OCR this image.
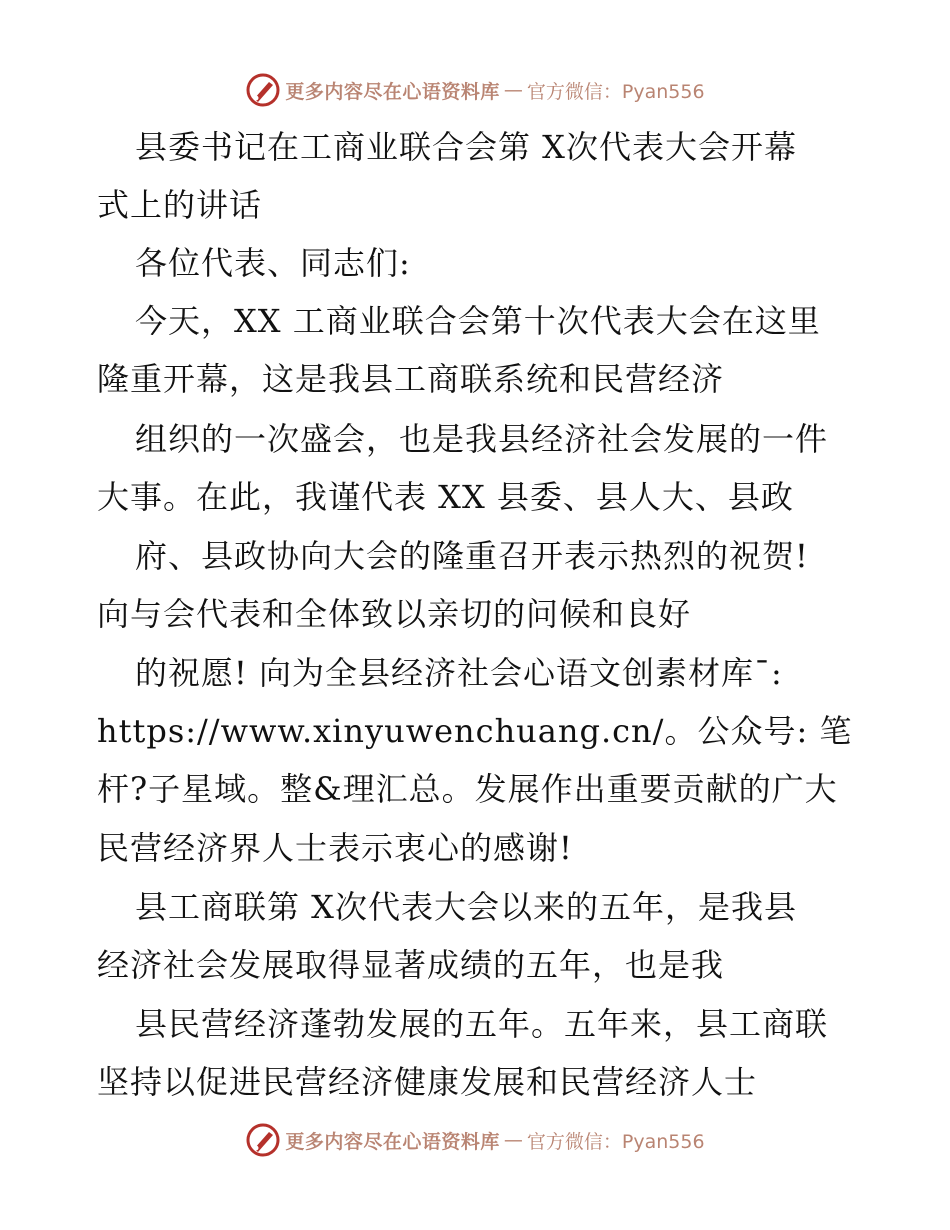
更多内容尽在心语资料库 — 官方微信：Pyan556
县委书记在工商业联合会第 X次代表大会开幕
式上的讲话
各位代表、同志们:
今天，XX 工商业联合会第十次代表大会在这里
隆重开幕，这是我县工商联系统和民营经济
组织的一次盛会，也是我县经济社会发展的一件
大事。在此，我谨代表 XX 县委、县人大、县政
府、县政协向大会的隆重召开表示热烈的祝贺!
向与会代表和全体致以亲切的问候和良好
的祝愿! 向为全县经济社会心语文创素材库¯:
https://www.xinyuwenchuang.cn/。公众号: 笔
杆?子星域。整&理汇总。发展作出重要贡献的广大
民营经济界人士表示衷心的感谢!
县工商联第 X次代表大会以来的五年，是我县
经济社会发展取得显著成绩的五年，也是我
县民营经济蓬勃发展的五年。五年来，县工商联
坚持以促进民营经济健康发展和民营经济人士
更多内容尽在心语资料库 — 官方微信：Pyan556
